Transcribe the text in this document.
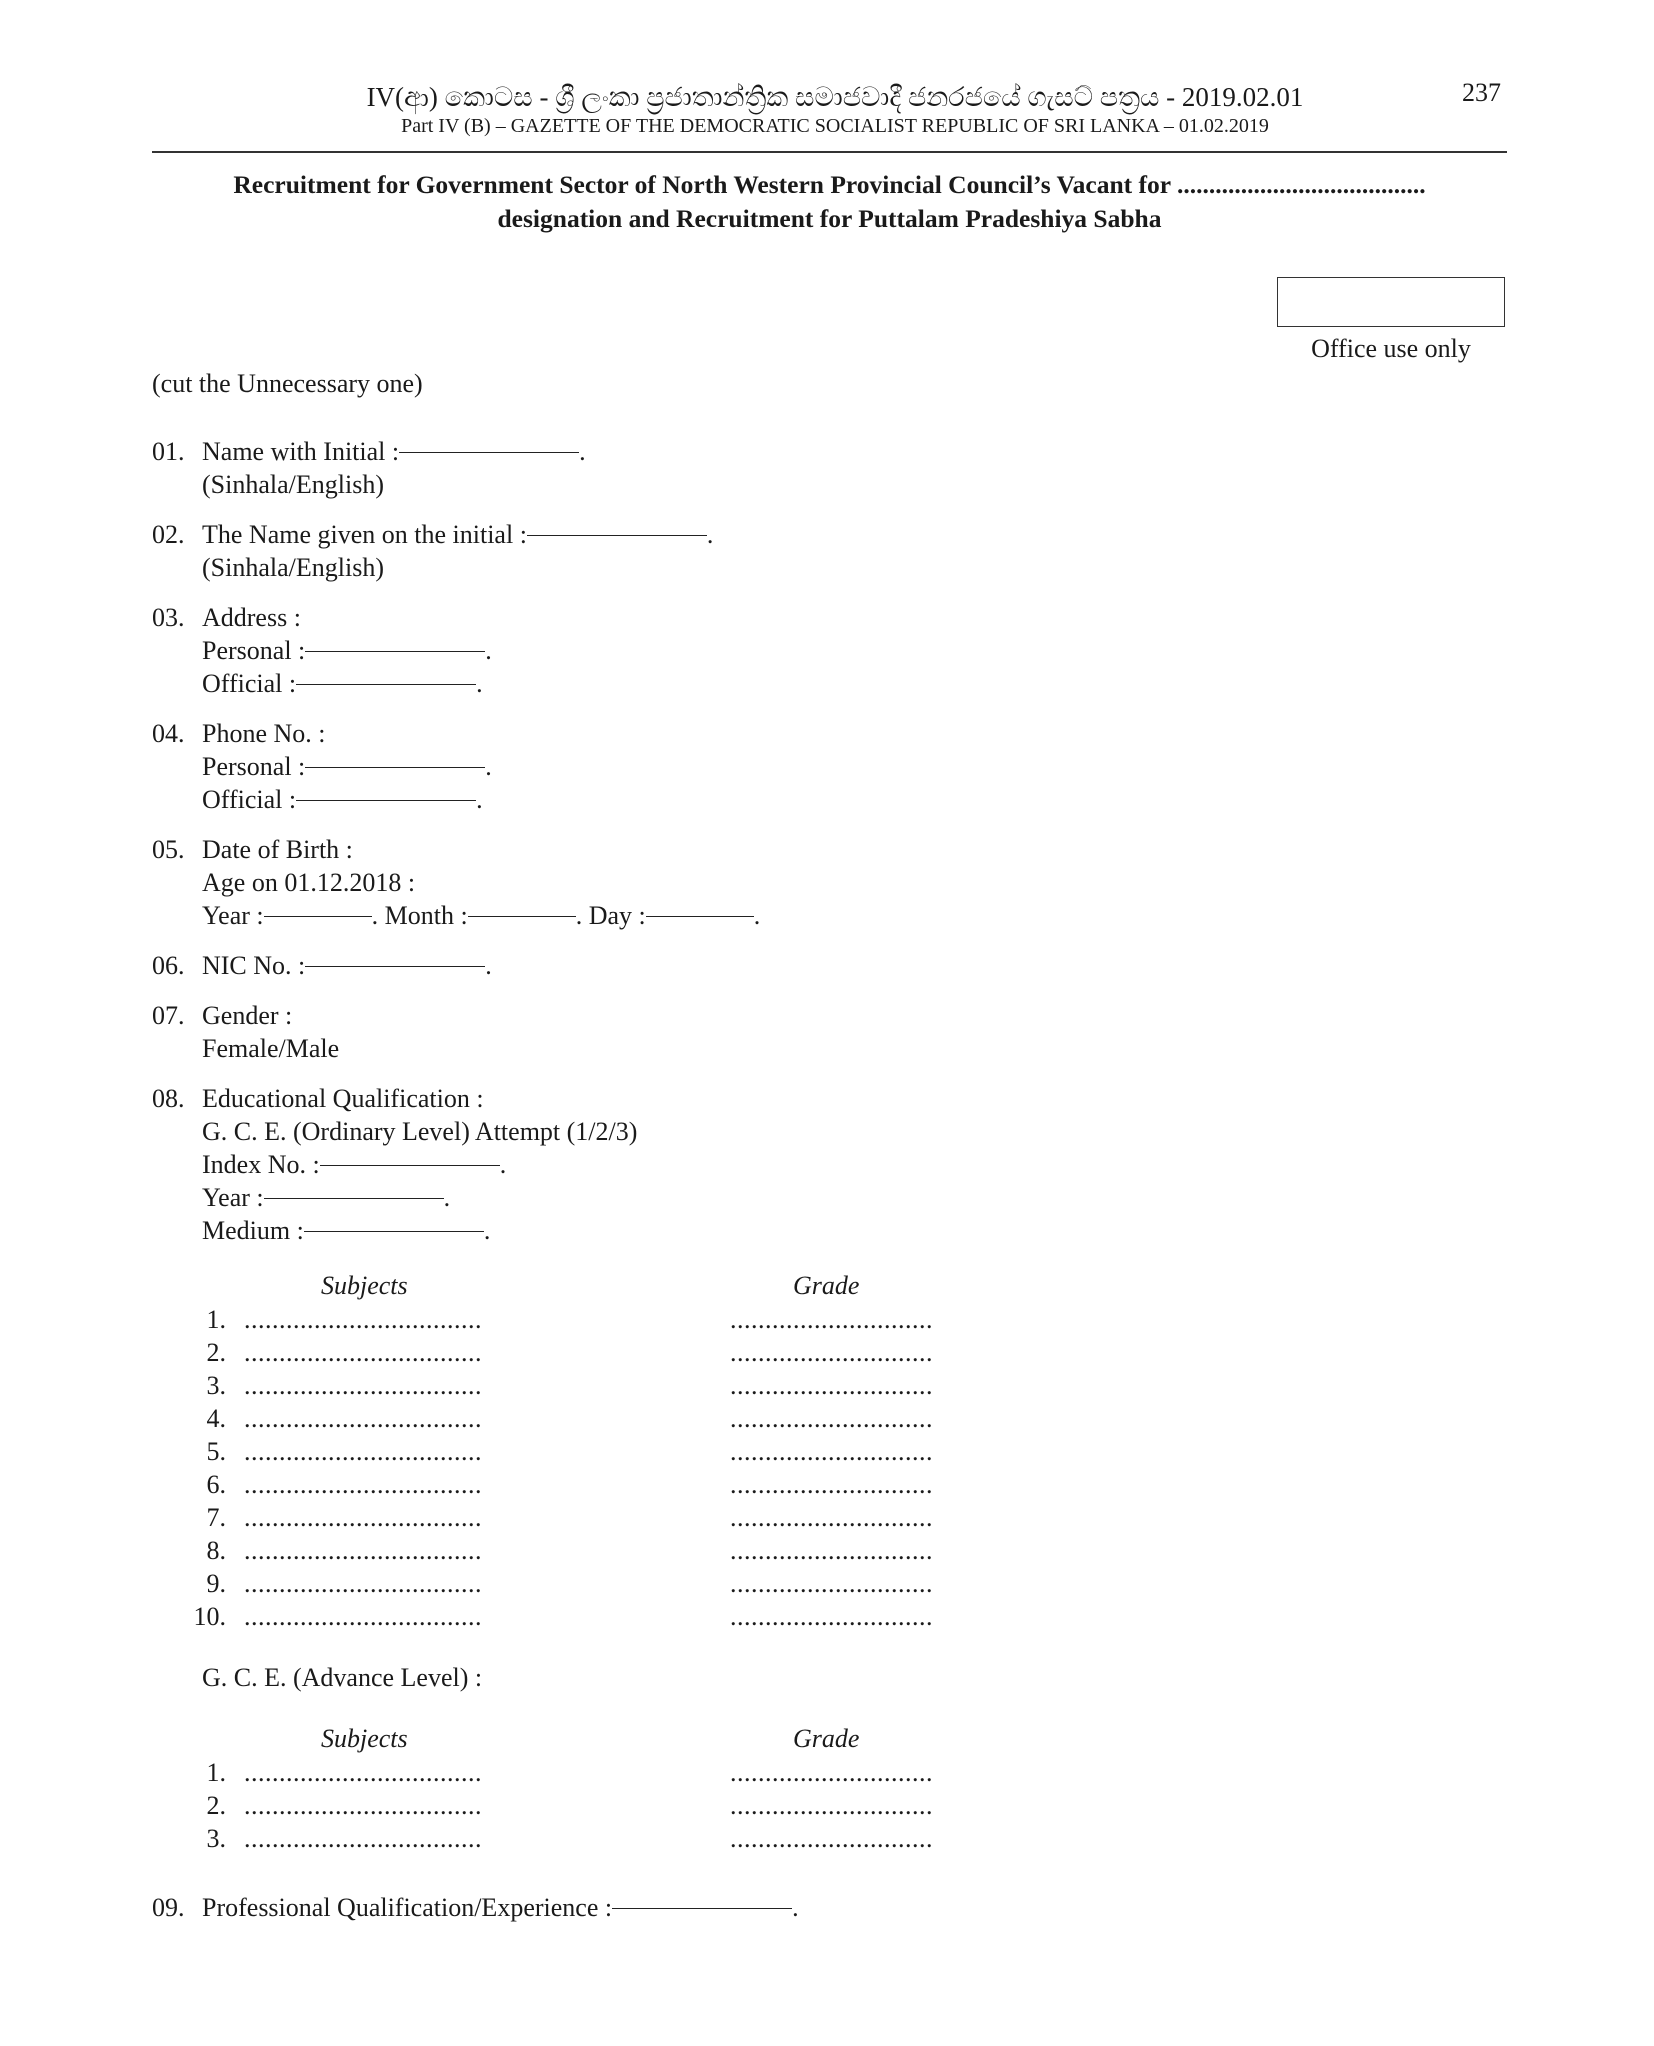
IV(ආ) කොටස - ශ්‍රී ලංකා ප්‍රජාතාන්ත්‍රික සමාජවාදී ජනරජයේ ගැසට් පත්‍රය - 2019.02.01
Part IV (B) – GAZETTE OF THE DEMOCRATIC SOCIALIST REPUBLIC OF SRI LANKA – 01.02.2019
237
Recruitment for Government Sector of North Western Provincial Council’s Vacant for .......................................
designation and Recruitment for Puttalam Pradeshiya Sabha
Office use only
(cut the Unnecessary one)
01. Name with Initial :	.
(Sinhala/English)
02. The Name given on the initial :	.
(Sinhala/English)
03. Address :
Personal :	.
Official :	.
04. Phone No. :
Personal :	.
Official :	.
05. Date of Birth :
Age on 01.12.2018 :
Year :	. Month :	. Day :	.
06. NIC No. :	.
07. Gender :
Female/Male
08. Educational Qualification :
G. C. E. (Ordinary Level) Attempt (1/2/3)
Index No. :	.
Year :	.
Medium :	.
Subjects	Grade
1. ..................................	.............................
2. ..................................	.............................
3. ..................................	.............................
4. ..................................	.............................
5. ..................................	.............................
6. ..................................	.............................
7. ..................................	.............................
8. ..................................	.............................
9. ..................................	.............................
10. ..................................	.............................
G. C. E. (Advance Level) :
Subjects	Grade
1. ..................................	.............................
2. ..................................	.............................
3. ..................................	.............................
09. Professional Qualification/Experience :	.
